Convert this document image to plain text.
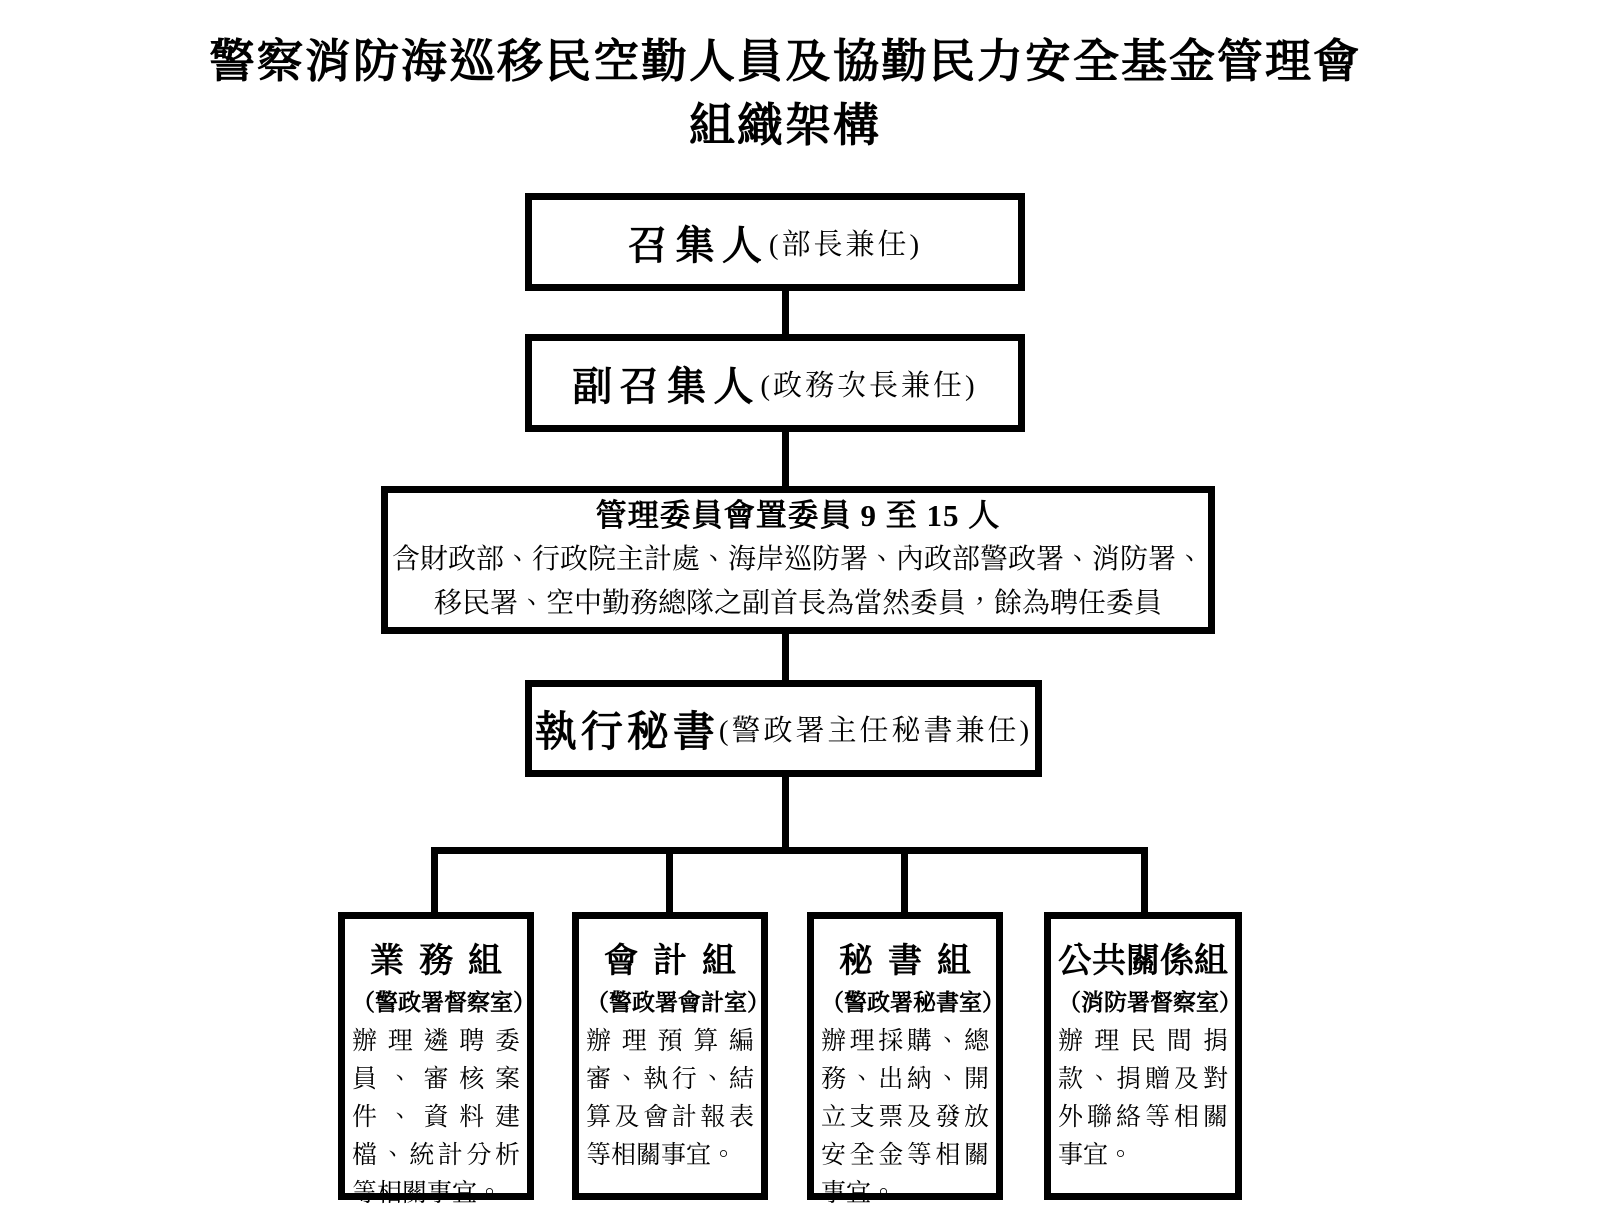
警察消防海巡移民空勤人員及協勤民力安全基金管理會
組織架構
召集人 (部長兼任)
副召集人 (政務次長兼任)
管理委員會置委員 9 至 15 人
含財政部、行政院主計處、海岸巡防署、內政部警政署、消防署、
移民署、空中勤務總隊之副首長為當然委員，餘為聘任委員
執行秘書 (警政署主任秘書兼任)
業務組
（警政署督察室）
辦理遴聘委員、審核案件、資料建檔、統計分析等相關事宜。
會計組
（警政署會計室）
辦理預算編審、執行、結算及會計報表等相關事宜。
秘書組
（警政署秘書室）
辦理採購、總務、出納、開立支票及發放安全金等相關事宜。
公共關係組
（消防署督察室）
辦理民間捐款、捐贈及對外聯絡等相關事宜。
